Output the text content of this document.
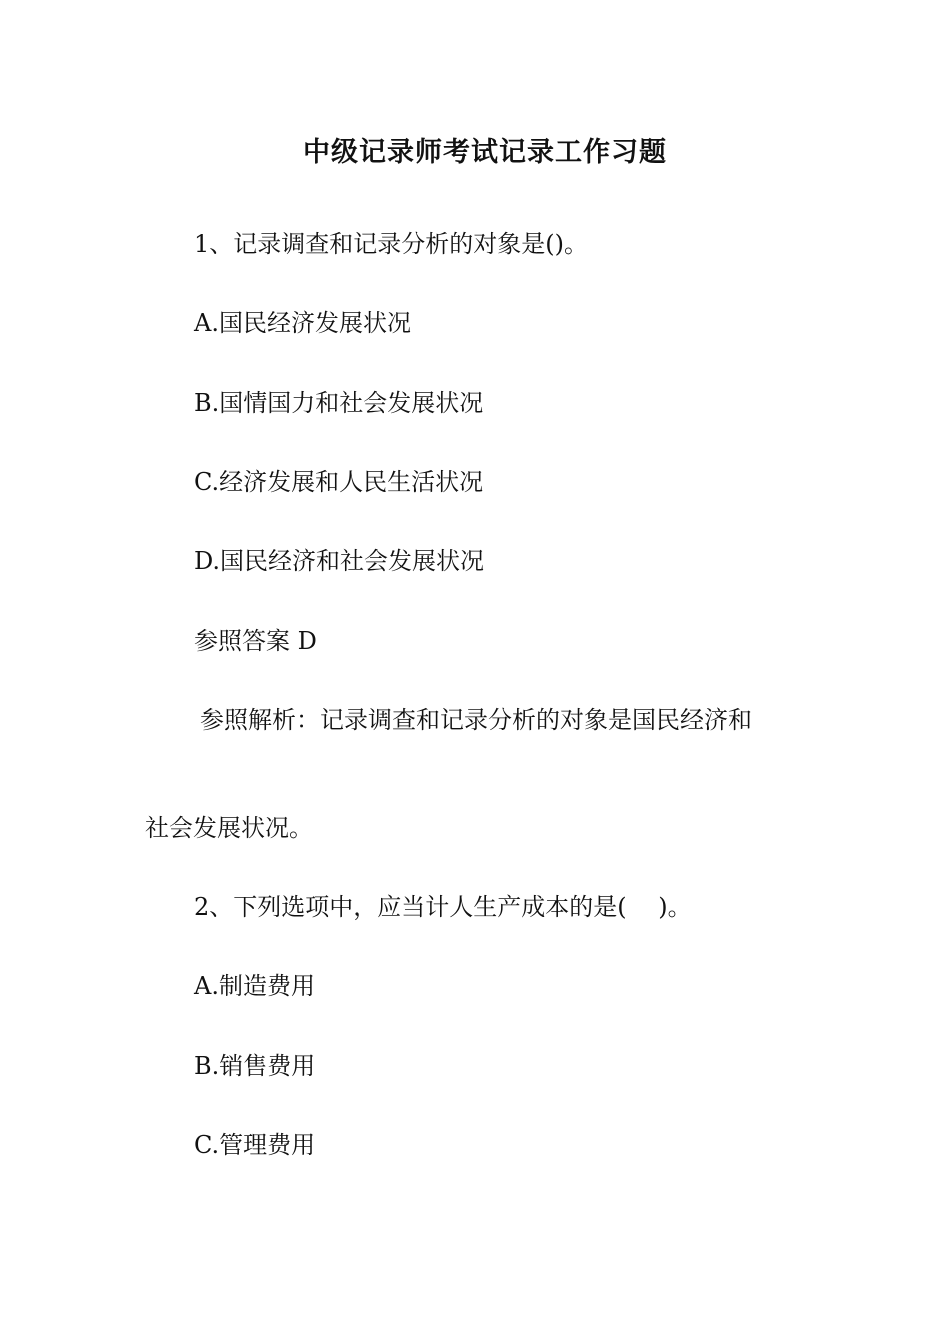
中级记录师考试记录工作习题
1、记录调查和记录分析的对象是()。
A.国民经济发展状况
B.国情国力和社会发展状况
C.经济发展和人民生活状况
D.国民经济和社会发展状况
参照答案 D
参照解析：记录调查和记录分析的对象是国民经济和
社会发展状况。
2、下列选项中，应当计人生产成本的是(　 )。
A.制造费用
B.销售费用
C.管理费用
